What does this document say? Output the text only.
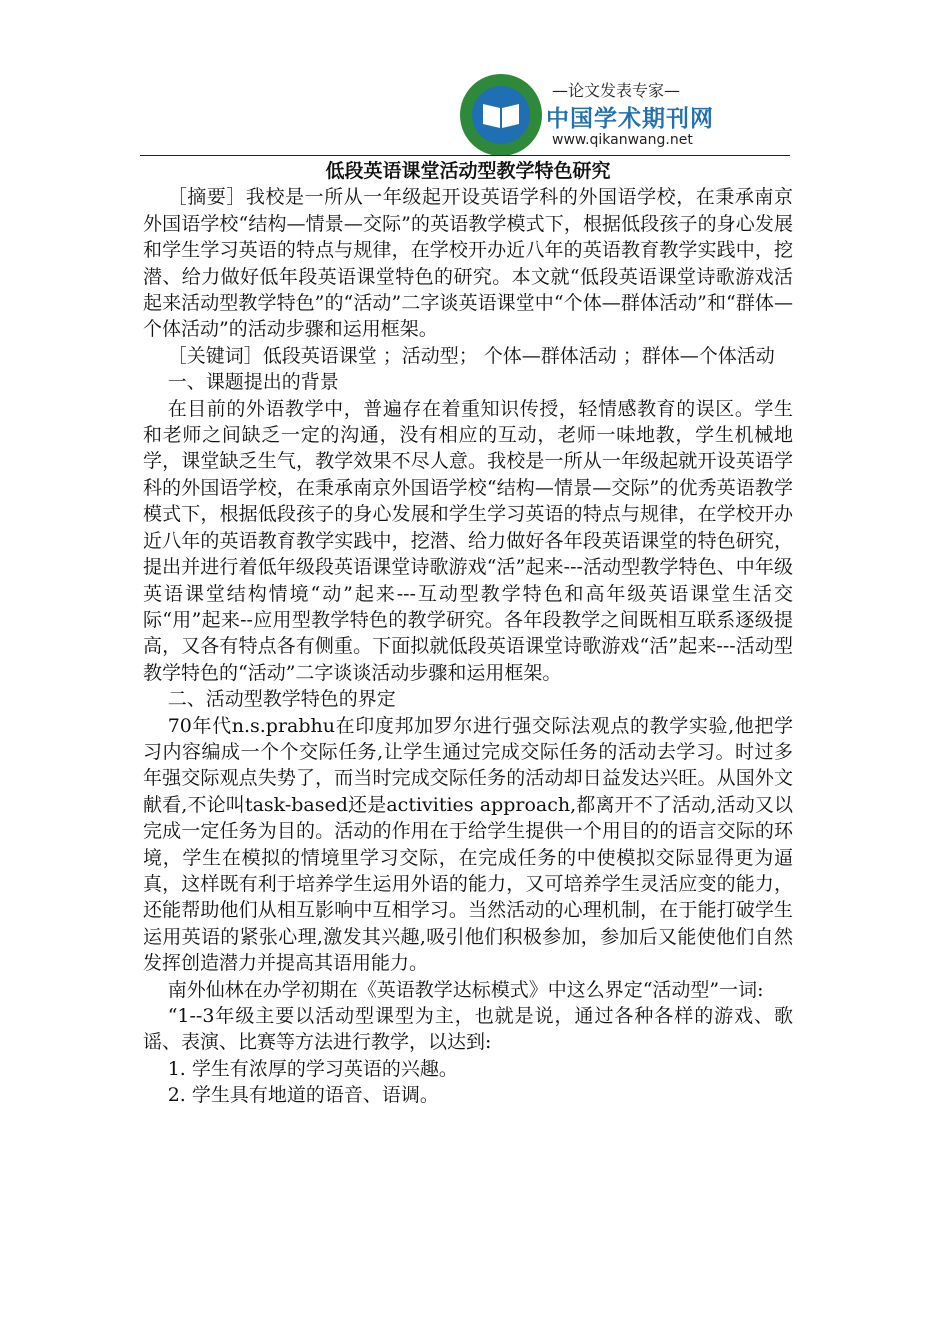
—论文发表专家—
中国学术期刊网
www.qikanwang.net

低段英语课堂活动型教学特色研究

［摘要］我校是一所从一年级起开设英语学科的外国语学校，在秉承南京外国语学校“结构—情景—交际”的英语教学模式下，根据低段孩子的身心发展和学生学习英语的特点与规律，在学校开办近八年的英语教育教学实践中，挖潜、给力做好低年段英语课堂特色的研究。本文就“低段英语课堂诗歌游戏活起来活动型教学特色”的“活动”二字谈英语课堂中“个体—群体活动”和“群体—个体活动”的活动步骤和运用框架。

［关键词］低段英语课堂 ；活动型； 个体—群体活动 ；群体—个体活动

一、课题提出的背景

在目前的外语教学中，普遍存在着重知识传授，轻情感教育的误区。学生和老师之间缺乏一定的沟通，没有相应的互动，老师一味地教，学生机械地学，课堂缺乏生气，教学效果不尽人意。我校是一所从一年级起就开设英语学科的外国语学校，在秉承南京外国语学校“结构—情景—交际”的优秀英语教学模式下，根据低段孩子的身心发展和学生学习英语的特点与规律，在学校开办近八年的英语教育教学实践中，挖潜、给力做好各年段英语课堂的特色研究，提出并进行着低年级段英语课堂诗歌游戏“活”起来---活动型教学特色、中年级英语课堂结构情境“动”起来---互动型教学特色和高年级英语课堂生活交际“用”起来--应用型教学特色的教学研究。各年段教学之间既相互联系逐级提高，又各有特点各有侧重。下面拟就低段英语课堂诗歌游戏“活”起来---活动型教学特色的“活动”二字谈谈活动步骤和运用框架。

二、活动型教学特色的界定

70年代n.s.prabhu在印度邦加罗尔进行强交际法观点的教学实验,他把学习内容编成一个个交际任务,让学生通过完成交际任务的活动去学习。时过多年强交际观点失势了，而当时完成交际任务的活动却日益发达兴旺。从国外文献看,不论叫task-based还是activities approach,都离开不了活动,活动又以完成一定任务为目的。活动的作用在于给学生提供一个用目的的语言交际的环境，学生在模拟的情境里学习交际，在完成任务的中使模拟交际显得更为逼真，这样既有利于培养学生运用外语的能力，又可培养学生灵活应变的能力，还能帮助他们从相互影响中互相学习。当然活动的心理机制，在于能打破学生运用英语的紧张心理,激发其兴趣,吸引他们积极参加，参加后又能使他们自然发挥创造潜力并提高其语用能力。

南外仙林在办学初期在《英语教学达标模式》中这么界定“活动型”一词:

“1--3年级主要以活动型课型为主，也就是说，通过各种各样的游戏、歌谣、表演、比赛等方法进行教学，以达到:

1. 学生有浓厚的学习英语的兴趣。

2. 学生具有地道的语音、语调。
